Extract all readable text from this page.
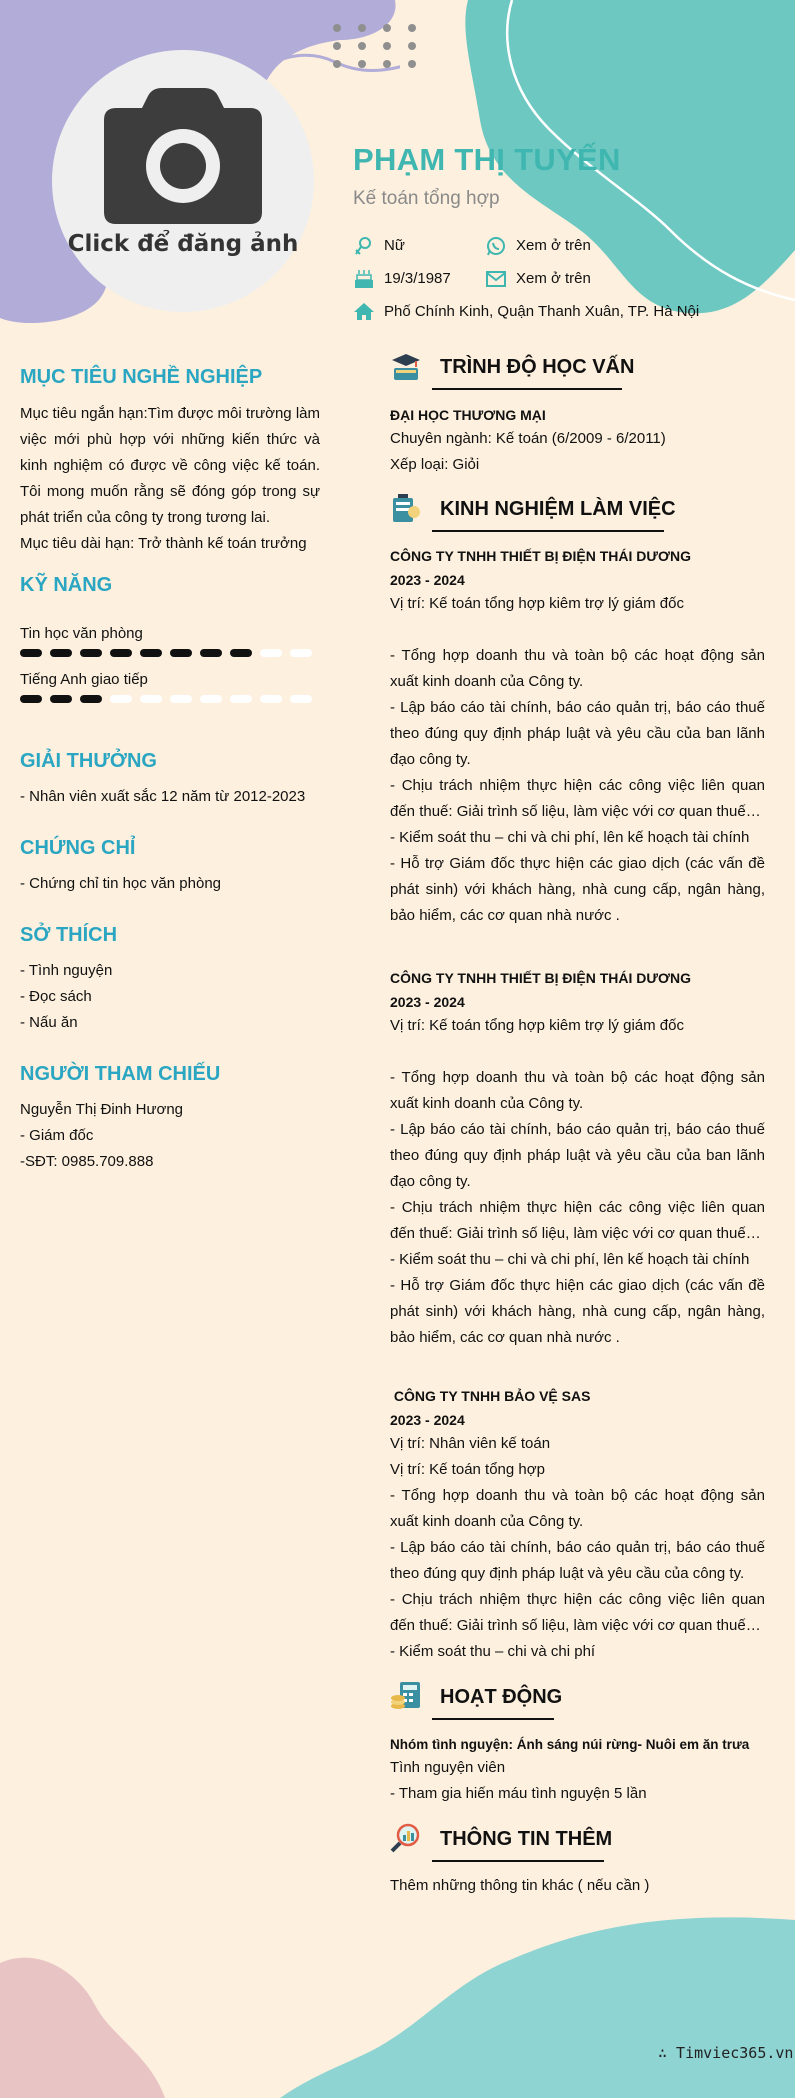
Click để đăng ảnh
PHẠM THỊ TUYẾN
Kế toán tổng hợp
Nữ	Xem ở trên
19/3/1987	Xem ở trên
Phố Chính Kinh, Quận Thanh Xuân, TP. Hà Nội
MỤC TIÊU NGHỀ NGHIỆP
Mục tiêu ngắn hạn:Tìm được môi trường làm việc mới phù hợp với những kiến thức và kinh nghiệm có được về công việc kế toán. Tôi mong muốn rằng sẽ đóng góp trong sự phát triển của công ty trong tương lai.
Mục tiêu dài hạn: Trở thành kế toán trưởng
KỸ NĂNG
Tin học văn phòng
Tiếng Anh giao tiếp
GIẢI THƯỞNG
- Nhân viên xuất sắc 12 năm từ 2012-2023
CHỨNG CHỈ
- Chứng chỉ tin học văn phòng
SỞ THÍCH
- Tình nguyện
- Đọc sách
- Nấu ăn
NGƯỜI THAM CHIẾU
Nguyễn Thị Đinh Hương
- Giám đốc
-SĐT: 0985.709.888
TRÌNH ĐỘ HỌC VẤN
ĐẠI HỌC THƯƠNG MẠI
Chuyên ngành: Kế toán (6/2009 - 6/2011)
Xếp loại: Giỏi
KINH NGHIỆM LÀM VIỆC
CÔNG TY TNHH THIẾT BỊ ĐIỆN THÁI DƯƠNG
2023 - 2024
Vị trí: Kế toán tổng hợp kiêm trợ lý giám đốc
- Tổng hợp doanh thu và toàn bộ các hoạt động sản xuất kinh doanh của Công ty.
- Lập báo cáo tài chính, báo cáo quản trị, báo cáo thuế theo đúng quy định pháp luật và yêu cầu của ban lãnh đạo công ty.
- Chịu trách nhiệm thực hiện các công việc liên quan đến thuế: Giải trình số liệu, làm việc với cơ quan thuế…
- Kiểm soát thu – chi và chi phí, lên kế hoạch tài chính
- Hỗ trợ Giám đốc thực hiện các giao dịch (các vấn đề phát sinh) với khách hàng, nhà cung cấp, ngân hàng, bảo hiểm, các cơ quan nhà nước .
CÔNG TY TNHH THIẾT BỊ ĐIỆN THÁI DƯƠNG
2023 - 2024
Vị trí: Kế toán tổng hợp kiêm trợ lý giám đốc
- Tổng hợp doanh thu và toàn bộ các hoạt động sản xuất kinh doanh của Công ty.
- Lập báo cáo tài chính, báo cáo quản trị, báo cáo thuế theo đúng quy định pháp luật và yêu cầu của ban lãnh đạo công ty.
- Chịu trách nhiệm thực hiện các công việc liên quan đến thuế: Giải trình số liệu, làm việc với cơ quan thuế…
- Kiểm soát thu – chi và chi phí, lên kế hoạch tài chính
- Hỗ trợ Giám đốc thực hiện các giao dịch (các vấn đề phát sinh) với khách hàng, nhà cung cấp, ngân hàng, bảo hiểm, các cơ quan nhà nước .
CÔNG TY TNHH BẢO VỆ SAS
2023 - 2024
Vị trí: Nhân viên kế toán
Vị trí: Kế toán tổng hợp
- Tổng hợp doanh thu và toàn bộ các hoạt động sản xuất kinh doanh của Công ty.
- Lập báo cáo tài chính, báo cáo quản trị, báo cáo thuế theo đúng quy định pháp luật và yêu cầu của công ty.
- Chịu trách nhiệm thực hiện các công việc liên quan đến thuế: Giải trình số liệu, làm việc với cơ quan thuế…
- Kiểm soát thu – chi và chi phí
HOẠT ĐỘNG
Nhóm tình nguyện: Ánh sáng núi rừng- Nuôi em ăn trưa
Tình nguyện viên
- Tham gia hiến máu tình nguyện 5 lần
THÔNG TIN THÊM
Thêm những thông tin khác ( nếu cần )
∴ Timviec365.vn
